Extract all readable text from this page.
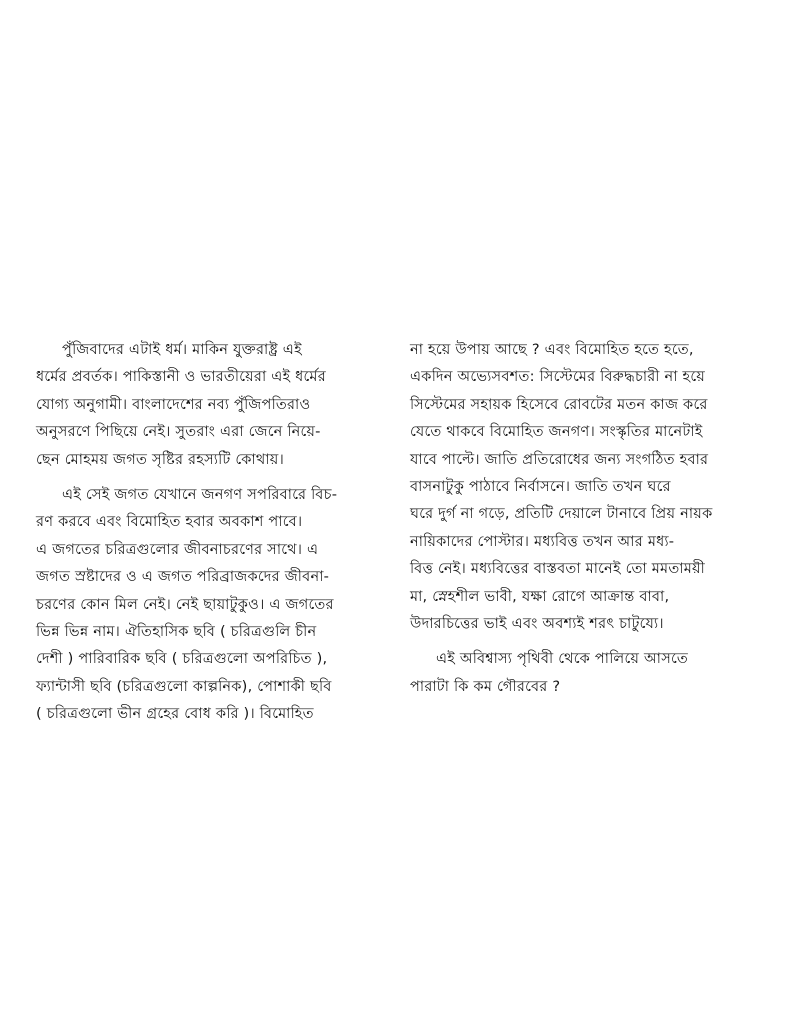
পুঁজিবাদের এটাই ধর্ম। মাকিন যুক্তরাষ্ট্র এই
ধর্মের প্রবর্তক। পাকিস্তানী ও ভারতীয়েরা এই ধর্মের
যোগ্য অনুগামী। বাংলাদেশের নব্য পুঁজিপতিরাও
অনুসরণে পিছিয়ে নেই। সুতরাং এরা জেনে নিয়ে-
ছেন মোহময় জগত সৃষ্টির রহস্যটি কোথায়।
এই সেই জগত যেখানে জনগণ সপরিবারে বিচ-
রণ করবে এবং বিমোহিত হবার অবকাশ পাবে।
এ জগতের চরিত্রগুলোর জীবনাচরণের সাথে। এ
জগত স্রষ্টাদের ও এ জগত পরিব্রাজকদের জীবনা-
চরণের কোন মিল নেই। নেই ছায়াটুকুও। এ জগতের
ভিন্ন ভিন্ন নাম। ঐতিহাসিক ছবি ( চরিত্রগুলি চীন
দেশী ) পারিবারিক ছবি ( চরিত্রগুলো অপরিচিত ),
ফ্যান্টাসী ছবি (চরিত্রগুলো কাল্পনিক), পোশাকী ছবি
( চরিত্রগুলো ভীন গ্রহের বোধ করি )। বিমোহিত
না হয়ে উপায় আছে ? এবং বিমোহিত হতে হতে,
একদিন অভ্যেসবশত: সিস্টেমের বিরুদ্ধচারী না হয়ে
সিস্টেমের সহায়ক হিসেবে রোবটের মতন কাজ করে
যেতে থাকবে বিমোহিত জনগণ। সংস্কৃতির মানেটাই
যাবে পাল্টে। জাতি প্রতিরোধের জন্য সংগঠিত হবার
বাসনাটুকু পাঠাবে নির্বাসনে। জাতি তখন ঘরে
ঘরে দুর্গ না গড়ে, প্রতিটি দেয়ালে টানাবে প্রিয় নায়ক
নায়িকাদের পোস্টার। মধ্যবিত্ত তখন আর মধ্য-
বিত্ত নেই। মধ্যবিত্তের বাস্তবতা মানেই তো মমতাময়ী
মা, স্নেহশীল ভাবী, যক্ষা রোগে আক্রান্ত বাবা,
উদারচিত্তের ভাই এবং অবশ্যই শরৎ চাটুয্যে।
এই অবিশ্বাস্য পৃথিবী থেকে পালিয়ে আসতে
পারাটা কি কম গৌরবের ?
